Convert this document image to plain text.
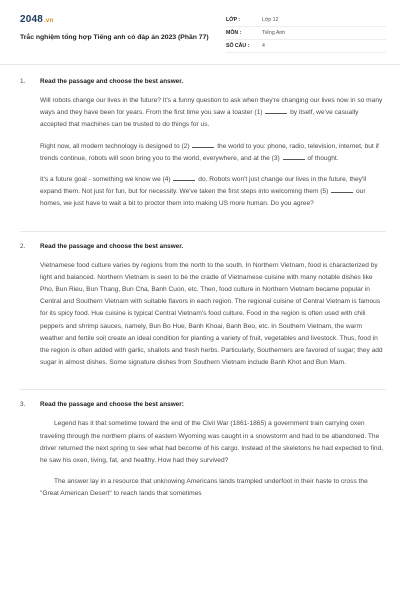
2048.vn
Trắc nghiệm tổng hợp Tiếng anh có đáp án 2023 (Phần 77)
LỚP :	Lớp 12
MÔN :	Tiếng Anh
SỐ CÂU :	4
1.	Read the passage and choose the best answer.

Will robots change our lives in the future? It's a funny question to ask when they're changing our lives now in so many ways and they have been for years. From the first time you saw a toaster (1)	by itself, we've casually accepted that machines can be trusted to do things for us.

Right now, all modern technology is designed to (2)	the world to you: phone, radio, television, internet, but if trends continue, robots will soon bring you to the world, everywhere, and at the (3)	of thought.

It's a future goal - something we know we (4)	do. Robots won't just change our lives in the future, they'll expand them. Not just for fun, but for necessity. We've taken the first steps into welcoming them (5)	our homes, we just have to wait a bit to proctor them into making US more human. Do you agree?

2.	Read the passage and choose the best answer.

Vietnamese food culture varies by regions from the north to the south. In Northern Vietnam, food is characterized by light and balanced. Northern Vietnam is seen to be the cradle of Vietnamese cuisine with many notable dishes like Pho, Bun Rieu, Bun Thang, Bun Cha, Banh Cuon, etc. Then, food culture in Northern Vietnam became popular in Central and Southern Vietnam with suitable flavors in each region. The regional cuisine of Central Vietnam is famous for its spicy food. Hue cuisine is typical Central Vietnam's food culture. Food in the region is often used with chili peppers and shrimp sauces, namely, Bun Bo Hue, Banh Khoai, Banh Beo, etc. In Southern Vietnam, the warm weather and fertile soil create an ideal condition for planting a variety of fruit, vegetables and livestock. Thus, food in the region is often added with garlic, shallots and fresh herbs. Particularly, Southerners are favored of sugar; they add sugar in almost dishes. Some signature dishes from Southern Vietnam include Banh Khot and Bun Mam.

3.	Read the passage and choose the best answer:

Legend has it that sometime toward the end of the Civil War (1861-1865) a government train carrying oxen traveling through the northern plains of eastern Wyoming was caught in a snowstorm and had to be abandoned. The driver returned the next spring to see what had become of his cargo. Instead of the skeletons he had expected to find, he saw his oxen, living, fat, and healthy. How had they survived?

The answer lay in a resource that unknowing Americans lands trampled underfoot in their haste to cross the "Great American Desert" to reach lands that sometimes
